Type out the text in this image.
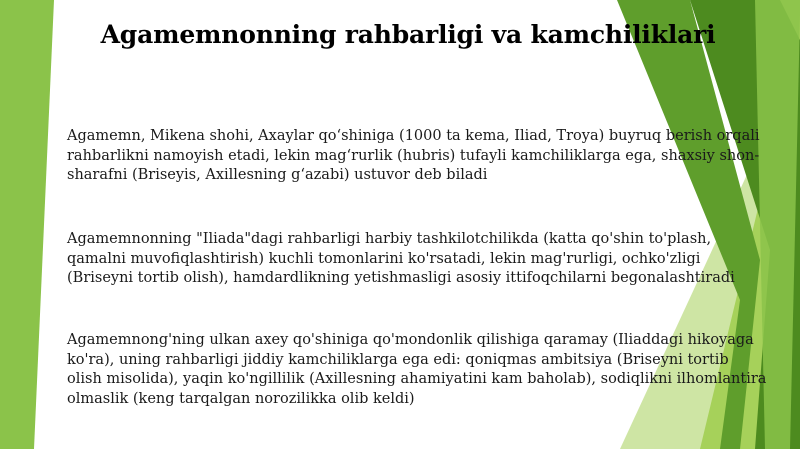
Agamemnonning rahbarligi va kamchiliklari

Agamemn, Mikena shohi, Axaylar qo‘shiniga (1000 ta kema, Iliad, Troya) buyruq berish orqali rahbarlikni namoyish etadi, lekin mag‘rurlik (hubris) tufayli kamchiliklarga ega, shaxsiy shon-sharafni (Briseyis, Axillesning g‘azabi) ustuvor deb biladi

Agamemnonning "Iliada"dagi rahbarligi harbiy tashkilotchilikda (katta qo'shin to'plash, qamalni muvofiqlashtirish) kuchli tomonlarini ko'rsatadi, lekin mag'rurligi, ochko'zligi (Briseyni tortib olish), hamdardlikning yetishmasligi asosiy ittifoqchilarni begonalashtiradi

Agamemnong'ning ulkan axey qo'shiniga qo'mondonlik qilishiga qaramay (Iliaddagi hikoyaga ko'ra), uning rahbarligi jiddiy kamchiliklarga ega edi: qoniqmas ambitsiya (Briseyni tortib olish misolida), yaqin ko'ngillilik (Axillesning ahamiyatini kam baholab), sodiqlikni ilhomlantira olmaslik (keng tarqalgan norozilikka olib keldi)
